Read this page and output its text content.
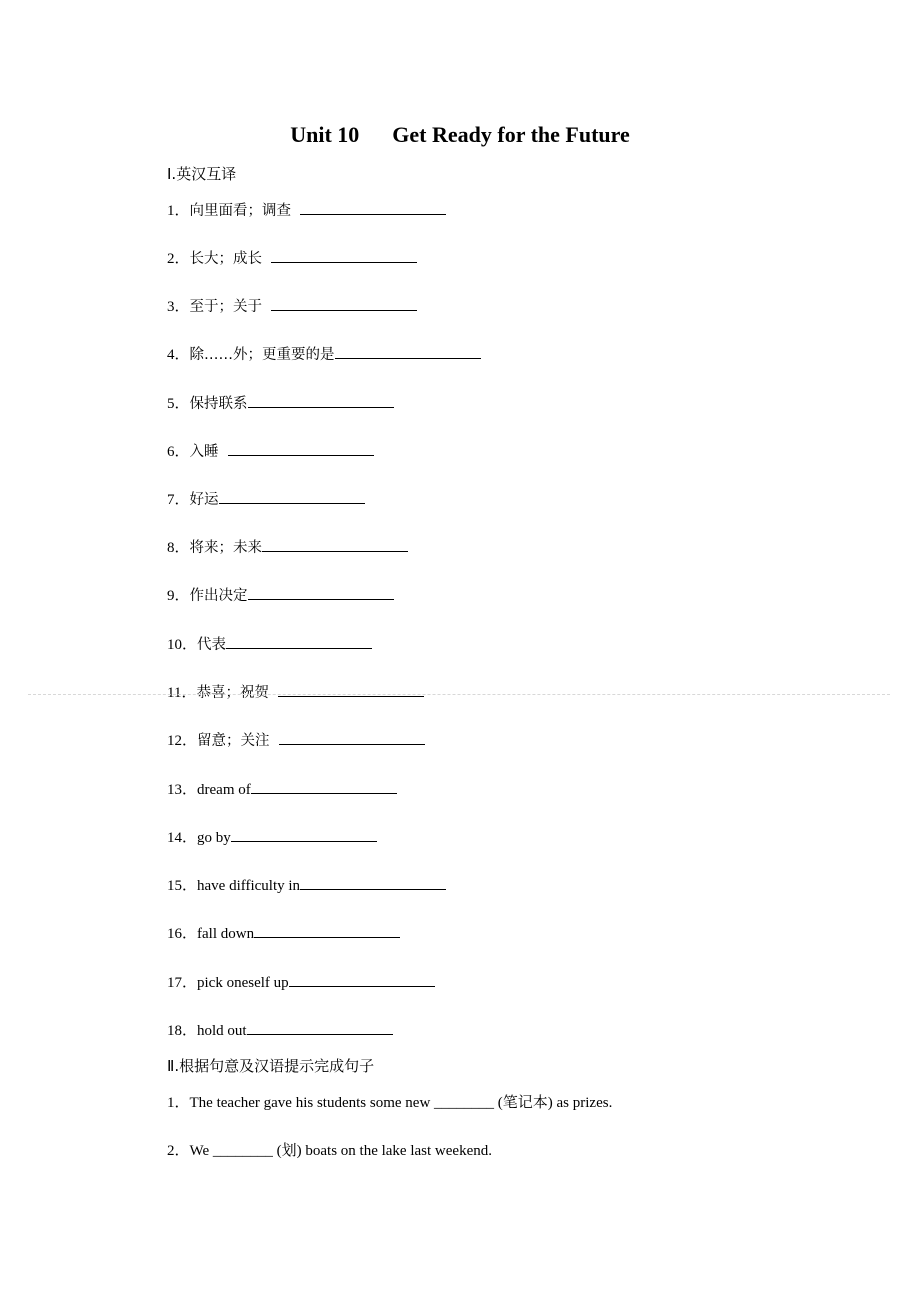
Unit 10      Get Ready for the Future
Ⅰ.英汉互译
1．向里面看；调查
2．长大；成长
3．至于；关于
4．除……外；更重要的是
5．保持联系
6．入睡
7．好运
8．将来；未来
9．作出决定
10．代表
11．恭喜；祝贺
12．留意；关注
13．dream of
14．go by
15．have difficulty in
16．fall down
17．pick oneself up
18．hold out
Ⅱ.根据句意及汉语提示完成句子
1．The teacher gave his students some new ________ (笔记本) as prizes.
2．We ________ (划) boats on the lake last weekend.
